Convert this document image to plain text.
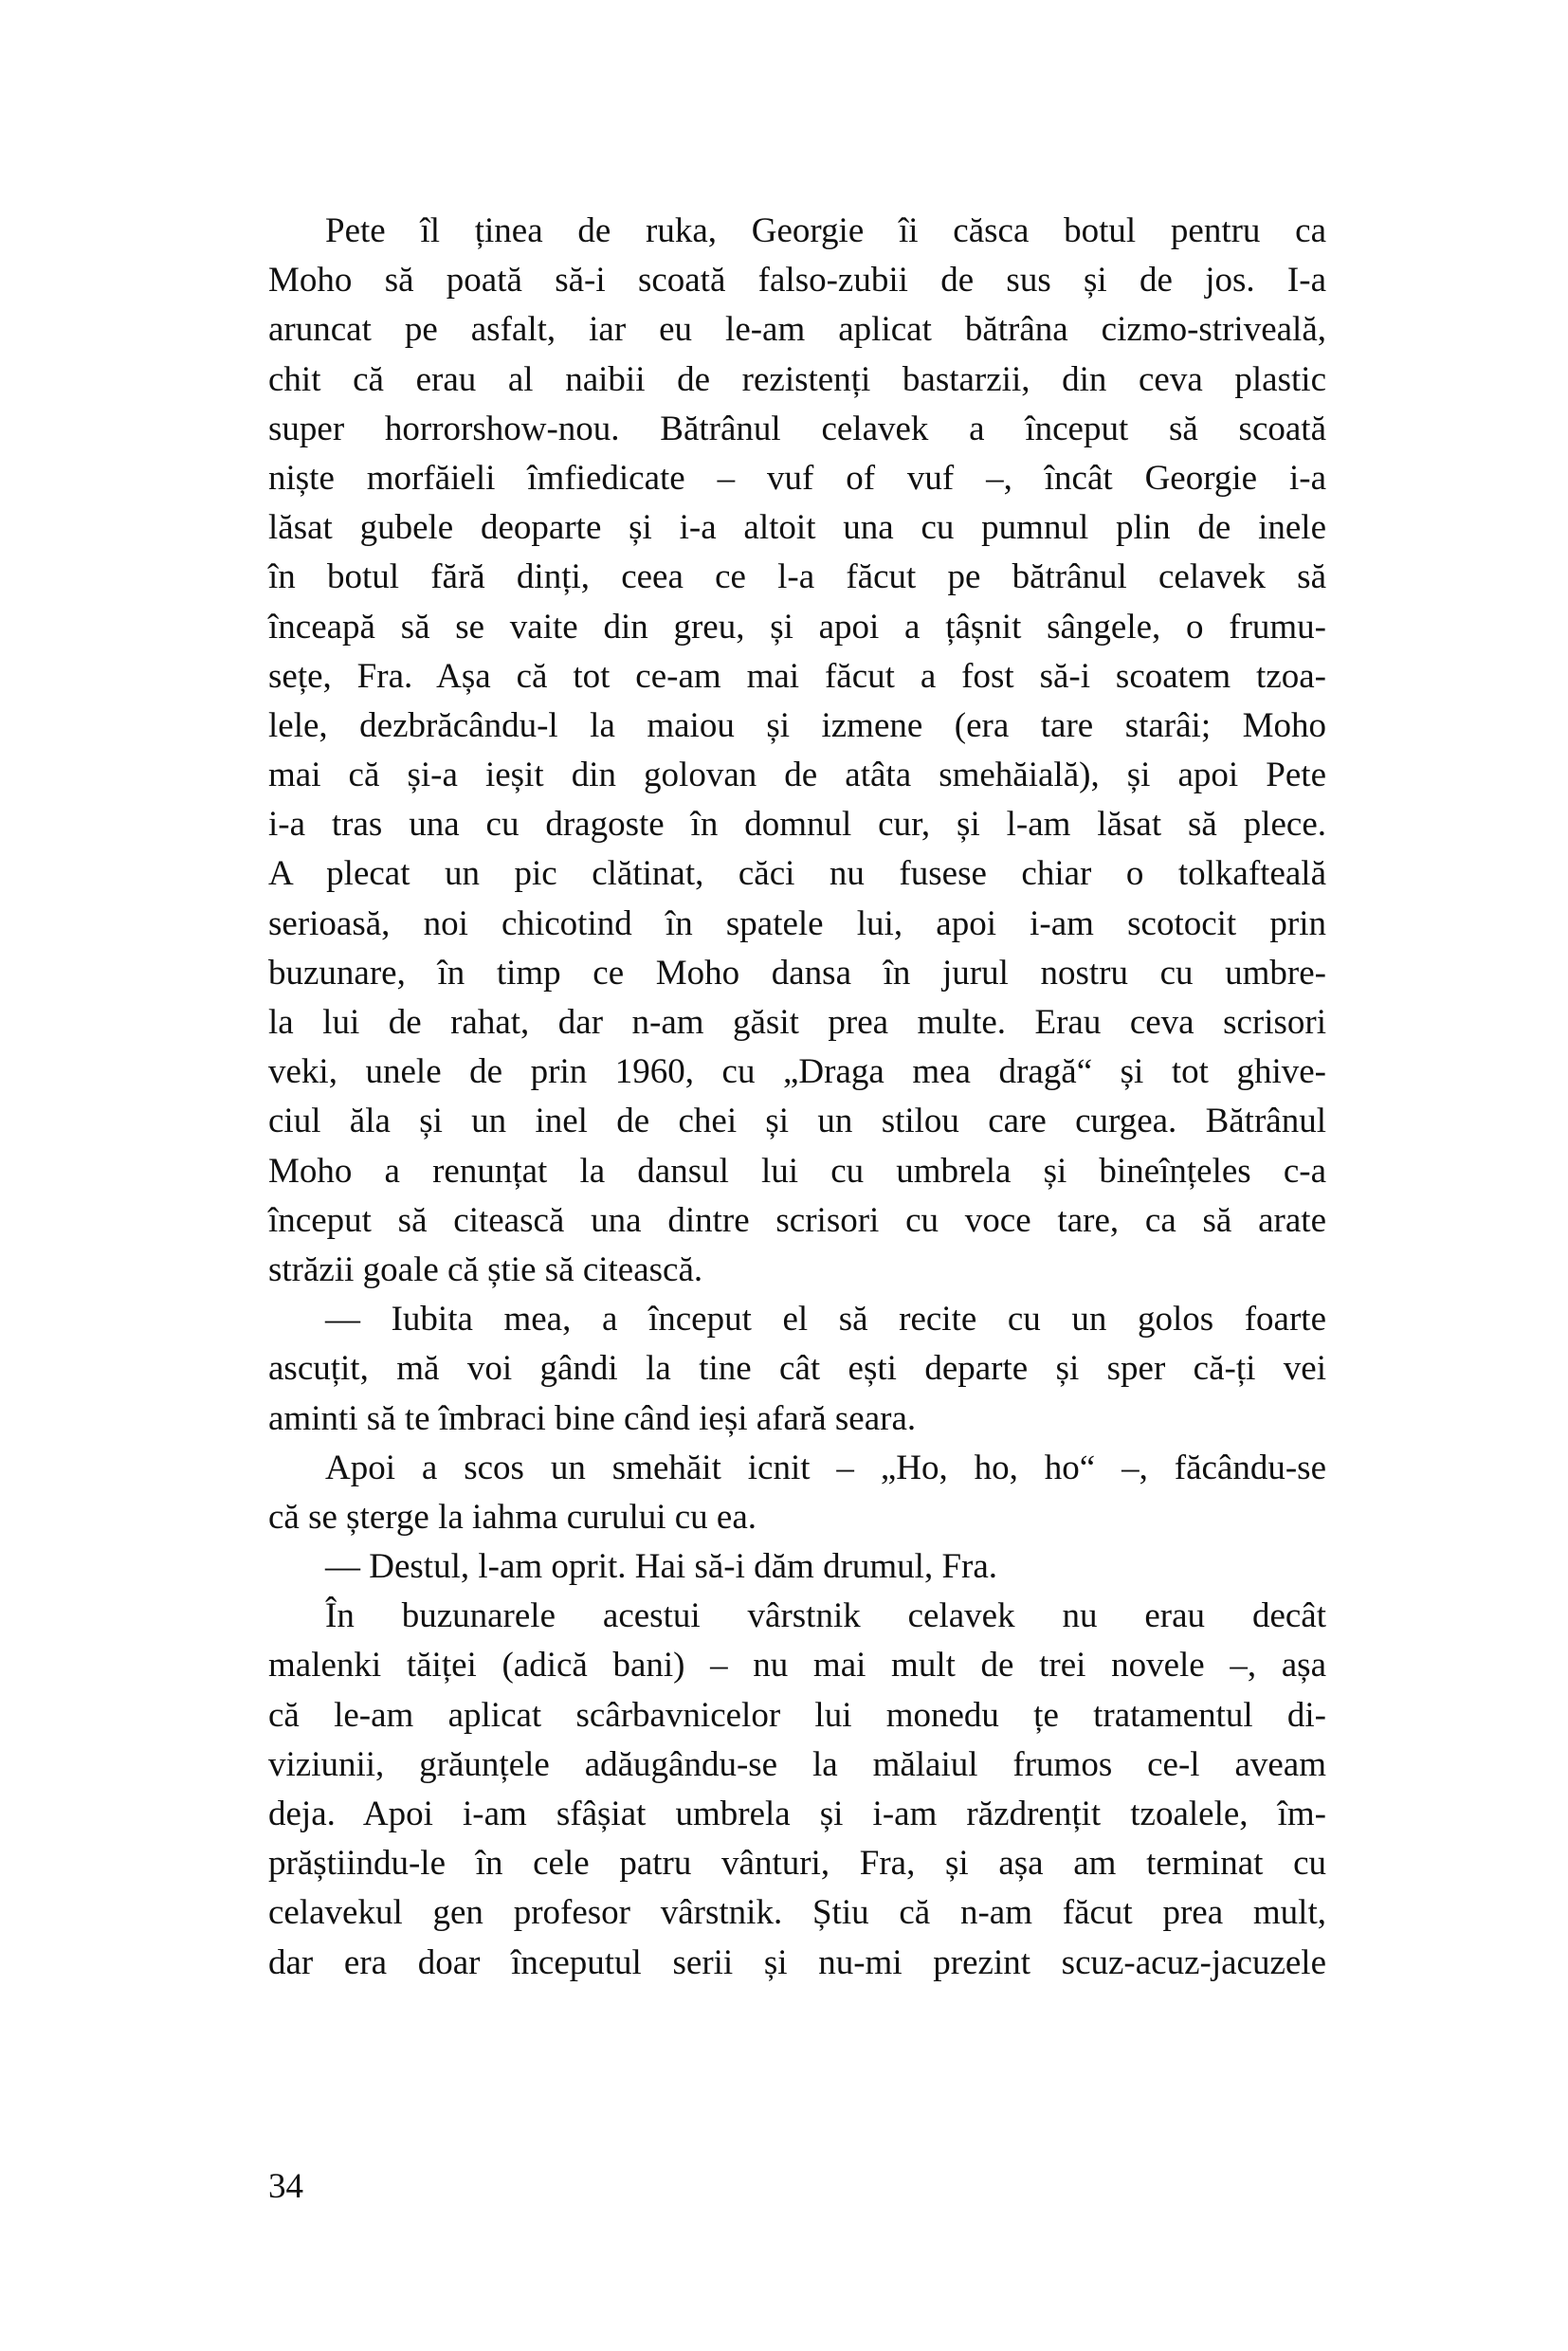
Pete îl ținea de ruka, Georgie îi căsca botul pentru ca
Moho să poată să-i scoată falso-zubii de sus și de jos. I-a
aruncat pe asfalt, iar eu le-am aplicat bătrâna cizmo-striveală,
chit că erau al naibii de rezistenți bastarzii, din ceva plastic
super horrorshow-nou. Bătrânul celavek a început să scoată
niște morfăieli îmfiedicate – vuf of vuf –, încât Georgie i-a
lăsat gubele deoparte și i-a altoit una cu pumnul plin de inele
în botul fără dinți, ceea ce l-a făcut pe bătrânul celavek să
înceapă să se vaite din greu, și apoi a țâșnit sângele, o frumu-
sețe, Fra. Așa că tot ce-am mai făcut a fost să-i scoatem tzoa-
lele, dezbrăcându-l la maiou și izmene (era tare starâi; Moho
mai că și-a ieșit din golovan de atâta smehăială), și apoi Pete
i-a tras una cu dragoste în domnul cur, și l-am lăsat să plece.
A plecat un pic clătinat, căci nu fusese chiar o tolkafteală
serioasă, noi chicotind în spatele lui, apoi i-am scotocit prin
buzunare, în timp ce Moho dansa în jurul nostru cu umbre-
la lui de rahat, dar n-am găsit prea multe. Erau ceva scrisori
veki, unele de prin 1960, cu „Draga mea dragă“ și tot ghive-
ciul ăla și un inel de chei și un stilou care curgea. Bătrânul
Moho a renunțat la dansul lui cu umbrela și bineînțeles c-a
început să citească una dintre scrisori cu voce tare, ca să arate
străzii goale că știe să citească.
— Iubita mea, a început el să recite cu un golos foarte
ascuțit, mă voi gândi la tine cât ești departe și sper că-ți vei
aminti să te îmbraci bine când ieși afară seara.
Apoi a scos un smehăit icnit – „Ho, ho, ho“ –, făcându-se
că se șterge la iahma curului cu ea.
— Destul, l-am oprit. Hai să-i dăm drumul, Fra.
În buzunarele acestui vârstnik celavek nu erau decât
malenki tăiței (adică bani) – nu mai mult de trei novele –, așa
că le-am aplicat scârbavnicelor lui monedu țe tratamentul di-
viziunii, grăunțele adăugându-se la mălaiul frumos ce-l aveam
deja. Apoi i-am sfâșiat umbrela și i-am răzdrențit tzoalele, îm-
prăștiindu-le în cele patru vânturi, Fra, și așa am terminat cu
celavekul gen profesor vârstnik. Știu că n-am făcut prea mult,
dar era doar începutul serii și nu-mi prezint scuz-acuz-jacuzele
34
